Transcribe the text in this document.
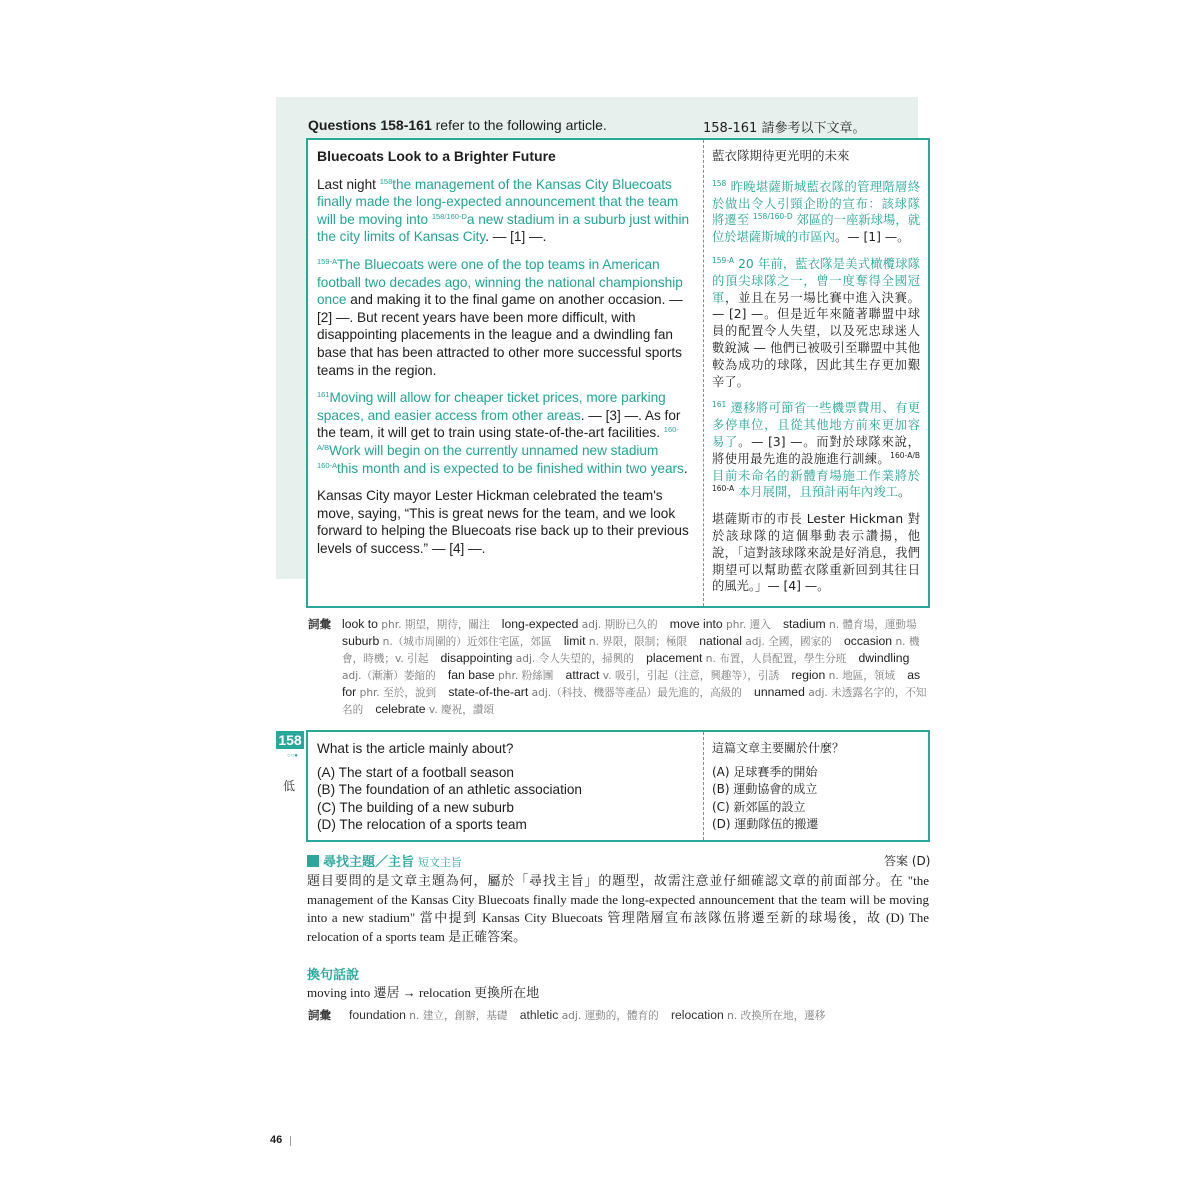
Questions 158-161 refer to the following article.	158-161 請參考以下文章。
Bluecoats Look to a Brighter Future

Last night $^{158}$the management of the Kansas City Bluecoats finally made the long-expected announcement that the team will be moving into $^{158/160-D}$a new stadium in a suburb just within the city limits of Kansas City. — [1] —.

$^{159-A}$The Bluecoats were one of the top teams in American football two decades ago, winning the national championship once and making it to the final game on another occasion. — [2] —. But recent years have been more difficult, with disappointing placements in the league and a dwindling fan base that has been attracted to other more successful sports teams in the region.

$^{161}$Moving will allow for cheaper ticket prices, more parking spaces, and easier access from other areas. — [3] —. As for the team, it will get to train using state-of-the-art facilities. $^{160-A/B}$Work will begin on the currently unnamed new stadium
$^{160-A}$this month and is expected to be finished within two years.

Kansas City mayor Lester Hickman celebrated the team's move, saying, “This is great news for the team, and we look forward to helping the Bluecoats rise back up to their previous levels of success.” — [4] —.

藍衣隊期待更光明的未來

$^{158}$ 昨晚堪薩斯城藍衣隊的管理階層終於做出令人引頸企盼的宣布：該球隊將遷至 $^{158/160-D}$ 郊區的一座新球場，就位於堪薩斯城的市區內。— [1] —。

$^{159-A}$ 20 年前，藍衣隊是美式橄欖球隊的頂尖球隊之一，曾一度奪得全國冠軍，並且在另一場比賽中進入決賽。— [2] —。但是近年來隨著聯盟中球員的配置令人失望，以及死忠球迷人數銳減 — 他們已被吸引至聯盟中其他較為成功的球隊，因此其生存更加艱辛了。

$^{161}$ 遷移將可節省一些機票費用、有更多停車位，且從其他地方前來更加容易了。— [3] —。而對於球隊來說，將使用最先進的設施進行訓練。$^{160-A/B}$ 目前未命名的新體育場施工作業將於 $^{160-A}$ 本月展開，且預計兩年內竣工。

堪薩斯市的市長 Lester Hickman 對於該球隊的這個舉動表示讚揚，他說，「這對該球隊來說是好消息，我們期望可以幫助藍衣隊重新回到其往日的風光。」— [4] —。

詞彙 look to phr. 期望，期待，關注  long-expected adj. 期盼已久的  move into phr. 遷入  stadium n. 體育場，運動場 suburb n.（城市周圍的）近郊住宅區，郊區  limit n. 界限，限制；極限  national adj. 全國，國家的  occasion n. 機會，時機；v. 引起  disappointing adj. 令人失望的，掃興的  placement n. 布置，人員配置，學生分班  dwindling adj.（漸漸）萎縮的  fan base phr. 粉絲團  attract v. 吸引，引起（注意，興趣等），引誘  region n. 地區，領域  as for phr. 至於，說到  state-of-the-art adj.（科技、機器等產品）最先進的，高級的  unnamed adj. 未透露名字的，不知名的  celebrate v. 慶祝，讚頌
158
○○●
低
What is the article mainly about?
(A) The start of a football season
(B) The foundation of an athletic association
(C) The building of a new suburb
(D) The relocation of a sports team
這篇文章主要關於什麼？
(A) 足球賽季的開始
(B) 運動協會的成立
(C) 新郊區的設立
(D) 運動隊伍的搬遷
尋找主題／主旨 短文主旨	答案 (D)
題目要問的是文章主題為何，屬於「尋找主旨」的題型，故需注意並仔細確認文章的前面部分。在 "the management of the Kansas City Bluecoats finally made the long-expected announcement that the team will be moving into a new stadium" 當中提到 Kansas City Bluecoats 管理階層宣布該隊伍將遷至新的球場後，故 (D) The relocation of a sports team 是正確答案。
換句話說
moving into 遷居 → relocation 更換所在地
詞彙 foundation n. 建立，創辦，基礎  athletic adj. 運動的，體育的  relocation n. 改換所在地，遷移
46
